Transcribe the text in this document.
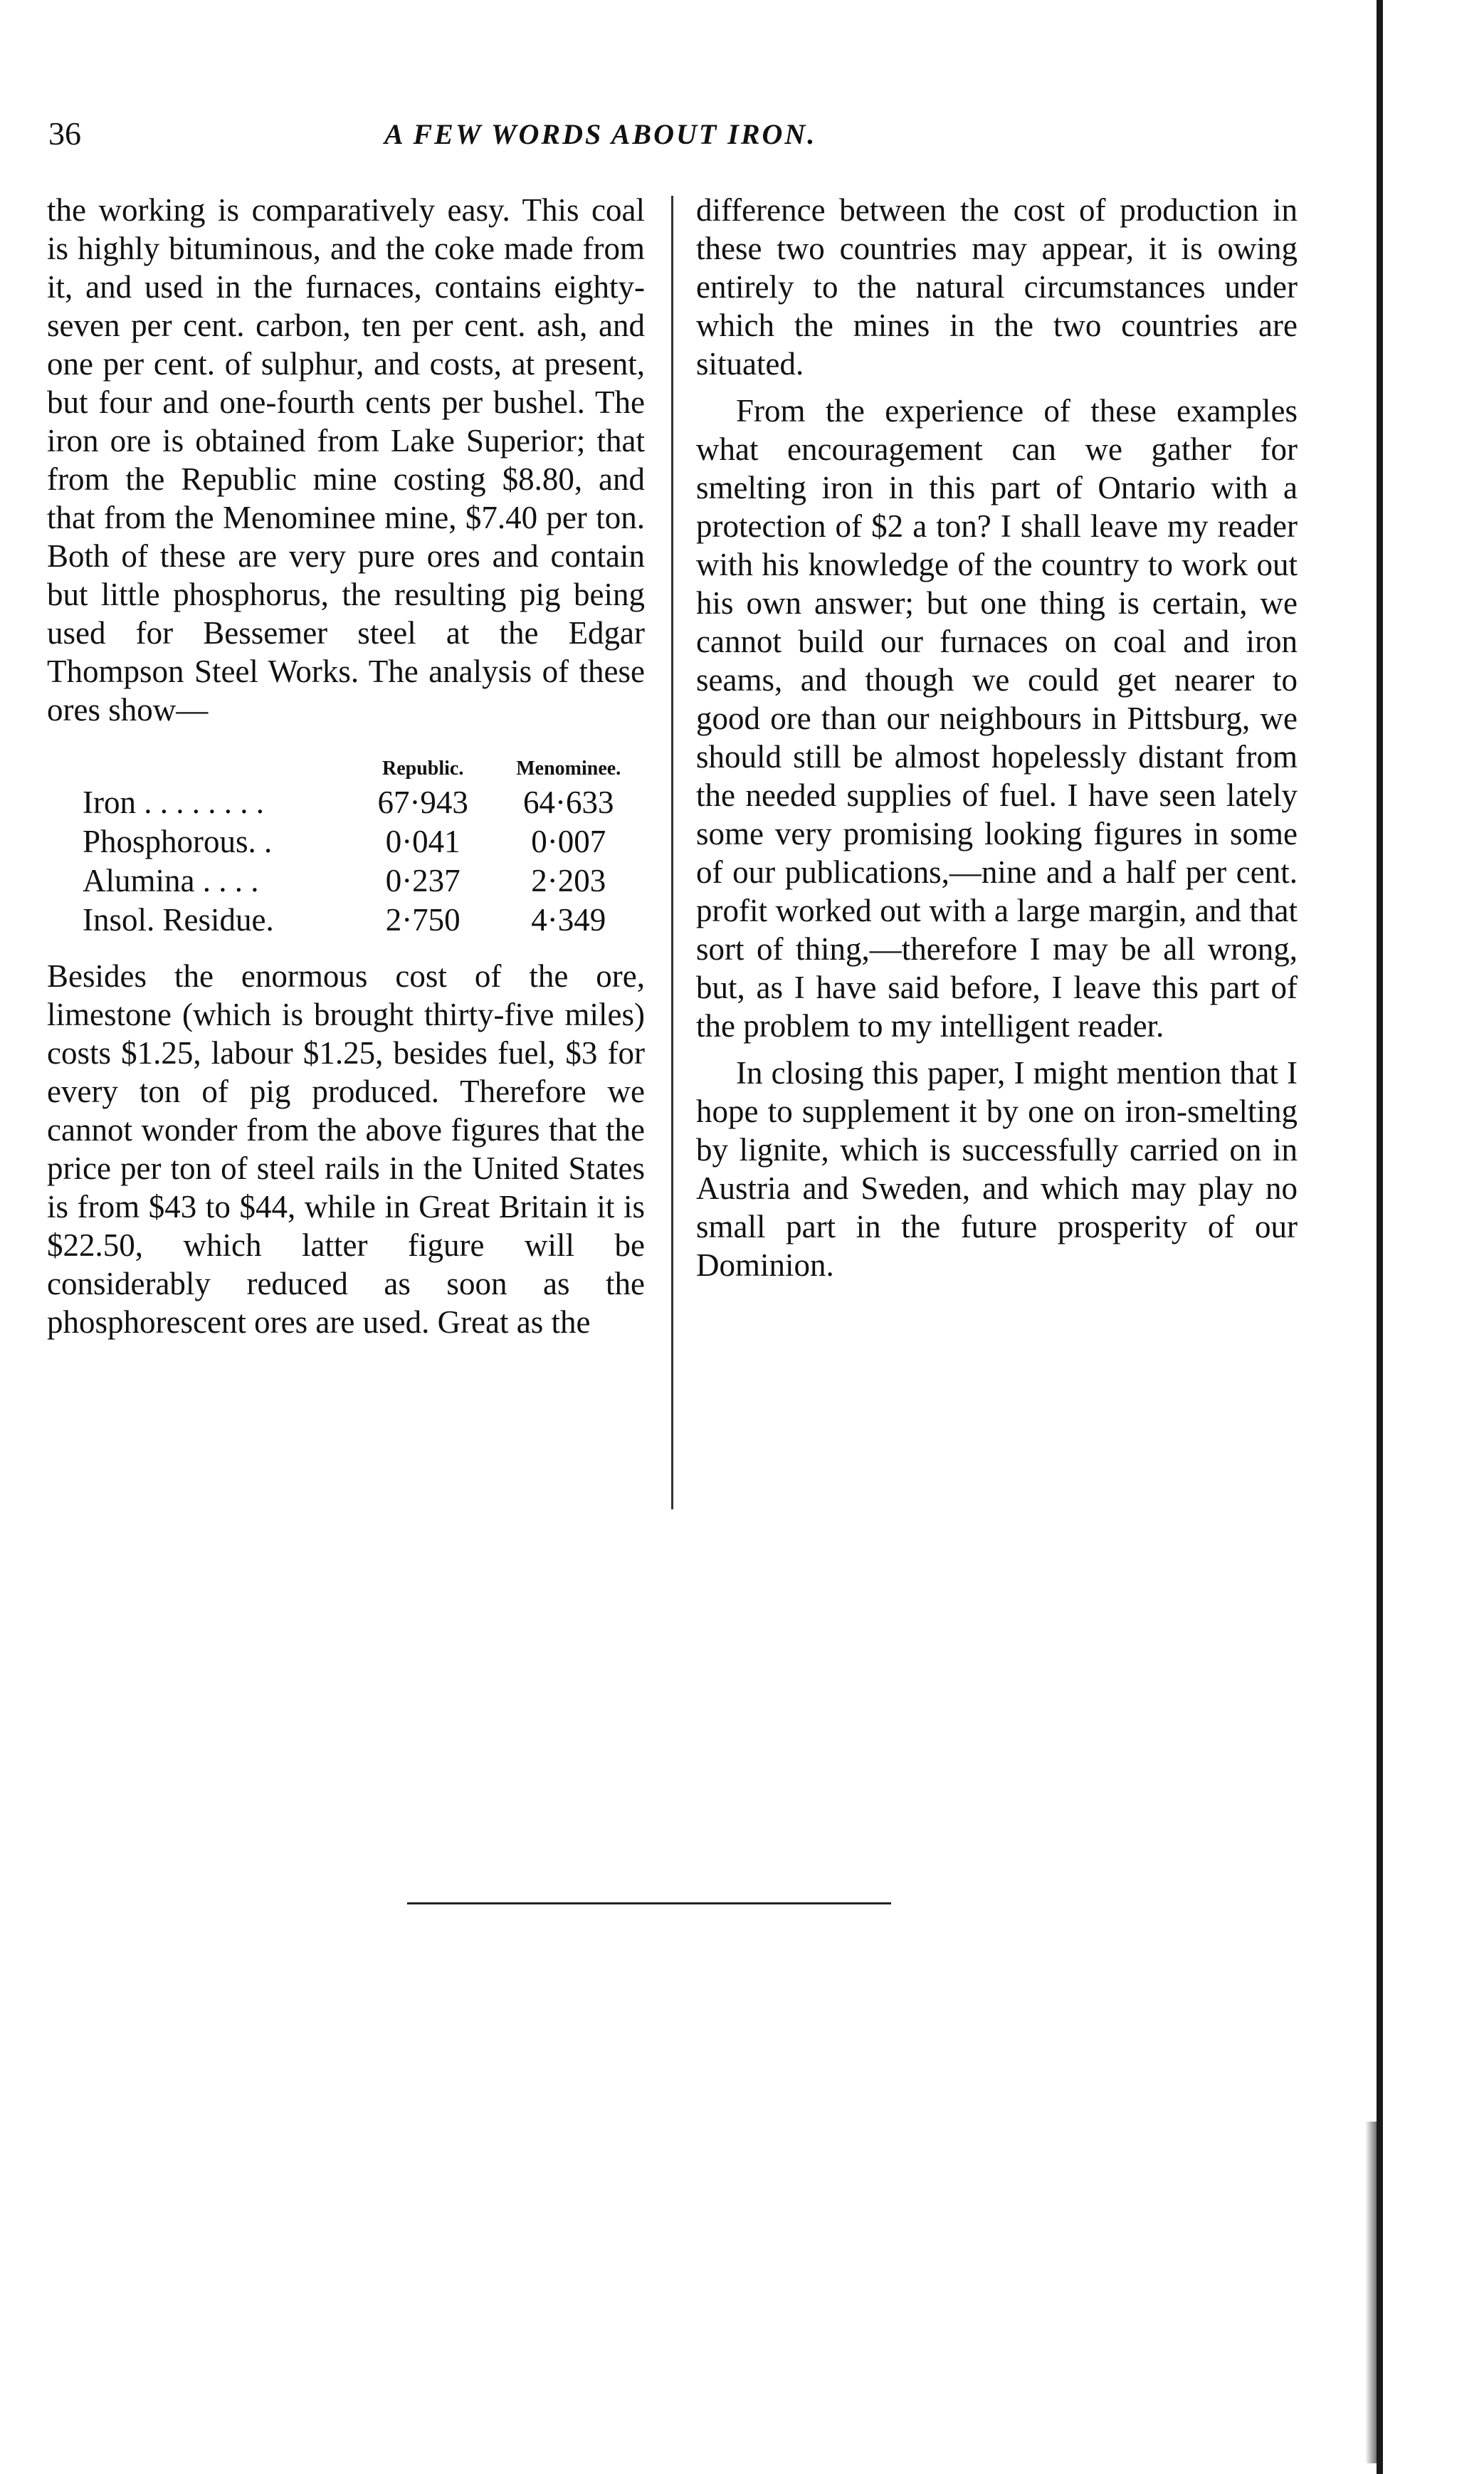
36	A FEW WORDS ABOUT IRON.

the working is comparatively easy. This coal is highly bituminous, and the coke made from it, and used in the furnaces, contains eighty-seven per cent. carbon, ten per cent. ash, and one per cent. of sulphur, and costs, at present, but four and one-fourth cents per bushel. The iron ore is obtained from Lake Superior; that from the Republic mine costing $8.80, and that from the Menominee mine, $7.40 per ton. Both of these are very pure ores and contain but little phosphorus, the resulting pig being used for Bessemer steel at the Edgar Thompson Steel Works. The analysis of these ores show—

	Republic.	Menominee.
Iron . . . . . . . .	67·943	64·633
Phosphorous. .	0·041	0·007
Alumina . . . .	0·237	2·203
Insol. Residue.	2·750	4·349

Besides the enormous cost of the ore, limestone (which is brought thirty-five miles) costs $1.25, labour $1.25, besides fuel, $3 for every ton of pig produced. Therefore we cannot wonder from the above figures that the price per ton of steel rails in the United States is from $43 to $44, while in Great Britain it is $22.50, which latter figure will be considerably reduced as soon as the phosphorescent ores are used. Great as the

difference between the cost of production in these two countries may appear, it is owing entirely to the natural circumstances under which the mines in the two countries are situated.

From the experience of these examples what encouragement can we gather for smelting iron in this part of Ontario with a protection of $2 a ton? I shall leave my reader with his knowledge of the country to work out his own answer; but one thing is certain, we cannot build our furnaces on coal and iron seams, and though we could get nearer to good ore than our neighbours in Pittsburg, we should still be almost hopelessly distant from the needed supplies of fuel. I have seen lately some very promising looking figures in some of our publications,—nine and a half per cent. profit worked out with a large margin, and that sort of thing,—therefore I may be all wrong, but, as I have said before, I leave this part of the problem to my intelligent reader.

In closing this paper, I might mention that I hope to supplement it by one on iron-smelting by lignite, which is successfully carried on in Austria and Sweden, and which may play no small part in the future prosperity of our Dominion.
